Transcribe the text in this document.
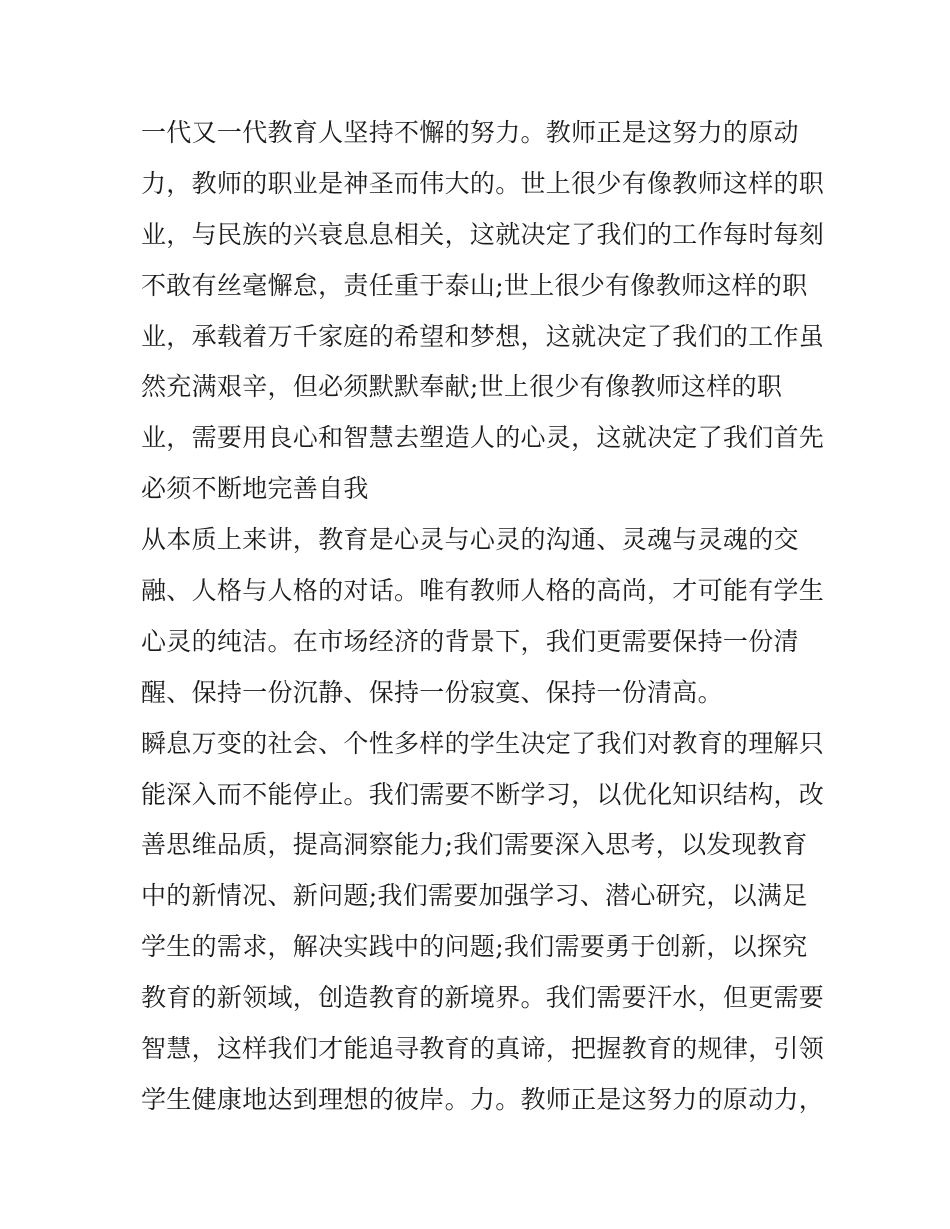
一代又一代教育人坚持不懈的努力。教师正是这努力的原动
力，教师的职业是神圣而伟大的。世上很少有像教师这样的职
业，与民族的兴衰息息相关，这就决定了我们的工作每时每刻
不敢有丝毫懈怠，责任重于泰山;世上很少有像教师这样的职
业，承载着万千家庭的希望和梦想，这就决定了我们的工作虽
然充满艰辛，但必须默默奉献;世上很少有像教师这样的职
业，需要用良心和智慧去塑造人的心灵，这就决定了我们首先
必须不断地完善自我
从本质上来讲，教育是心灵与心灵的沟通、灵魂与灵魂的交
融、人格与人格的对话。唯有教师人格的高尚，才可能有学生
心灵的纯洁。在市场经济的背景下，我们更需要保持一份清
醒、保持一份沉静、保持一份寂寞、保持一份清高。
瞬息万变的社会、个性多样的学生决定了我们对教育的理解只
能深入而不能停止。我们需要不断学习，以优化知识结构，改
善思维品质，提高洞察能力;我们需要深入思考，以发现教育
中的新情况、新问题;我们需要加强学习、潜心研究，以满足
学生的需求，解决实践中的问题;我们需要勇于创新，以探究
教育的新领域，创造教育的新境界。我们需要汗水，但更需要
智慧，这样我们才能追寻教育的真谛，把握教育的规律，引领
学生健康地达到理想的彼岸。力。教师正是这努力的原动力，
